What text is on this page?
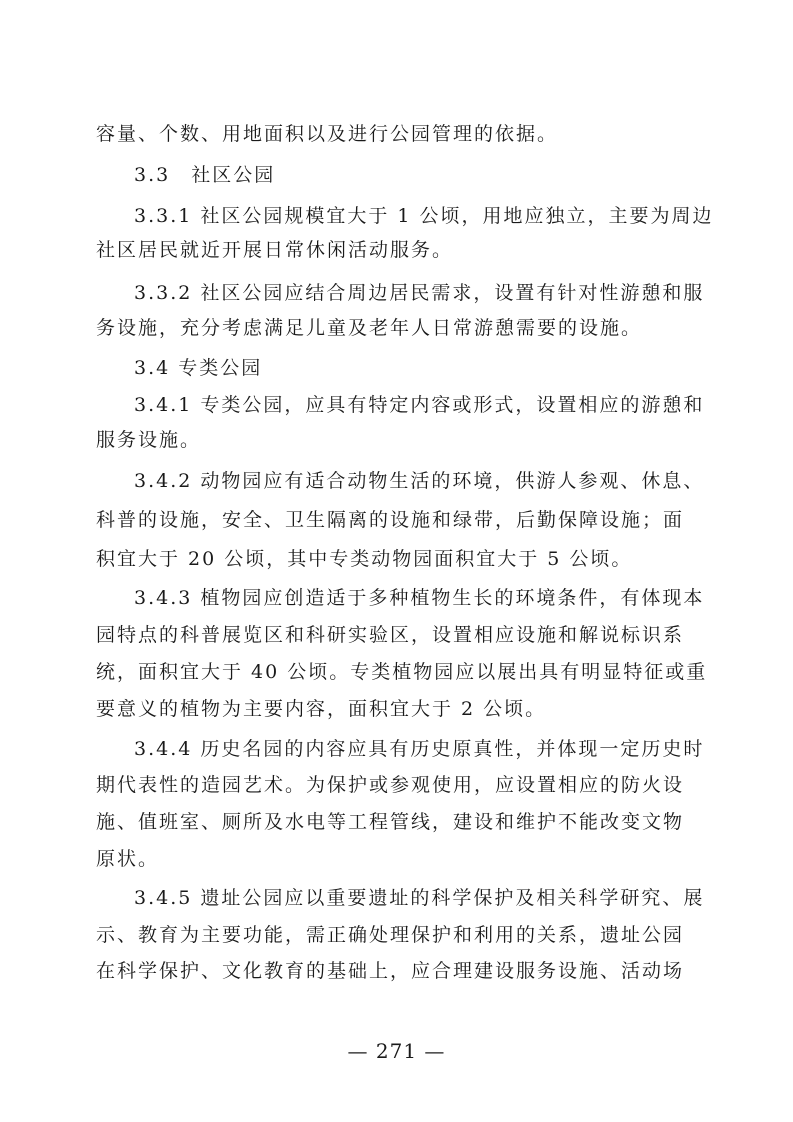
容量、个数、用地面积以及进行公园管理的依据。
3.3　社区公园
3.3.1 社区公园规模宜大于 1 公顷，用地应独立，主要为周边
社区居民就近开展日常休闲活动服务。
3.3.2 社区公园应结合周边居民需求，设置有针对性游憩和服
务设施，充分考虑满足儿童及老年人日常游憩需要的设施。
3.4 专类公园
3.4.1 专类公园，应具有特定内容或形式，设置相应的游憩和
服务设施。
3.4.2 动物园应有适合动物生活的环境，供游人参观、休息、
科普的设施，安全、卫生隔离的设施和绿带，后勤保障设施；面
积宜大于 20 公顷，其中专类动物园面积宜大于 5 公顷。
3.4.3 植物园应创造适于多种植物生长的环境条件，有体现本
园特点的科普展览区和科研实验区，设置相应设施和解说标识系
统，面积宜大于 40 公顷。专类植物园应以展出具有明显特征或重
要意义的植物为主要内容，面积宜大于 2 公顷。
3.4.4 历史名园的内容应具有历史原真性，并体现一定历史时
期代表性的造园艺术。为保护或参观使用，应设置相应的防火设
施、值班室、厕所及水电等工程管线，建设和维护不能改变文物
原状。
3.4.5 遗址公园应以重要遗址的科学保护及相关科学研究、展
示、教育为主要功能，需正确处理保护和利用的关系，遗址公园
在科学保护、文化教育的基础上，应合理建设服务设施、活动场
— 271 —
